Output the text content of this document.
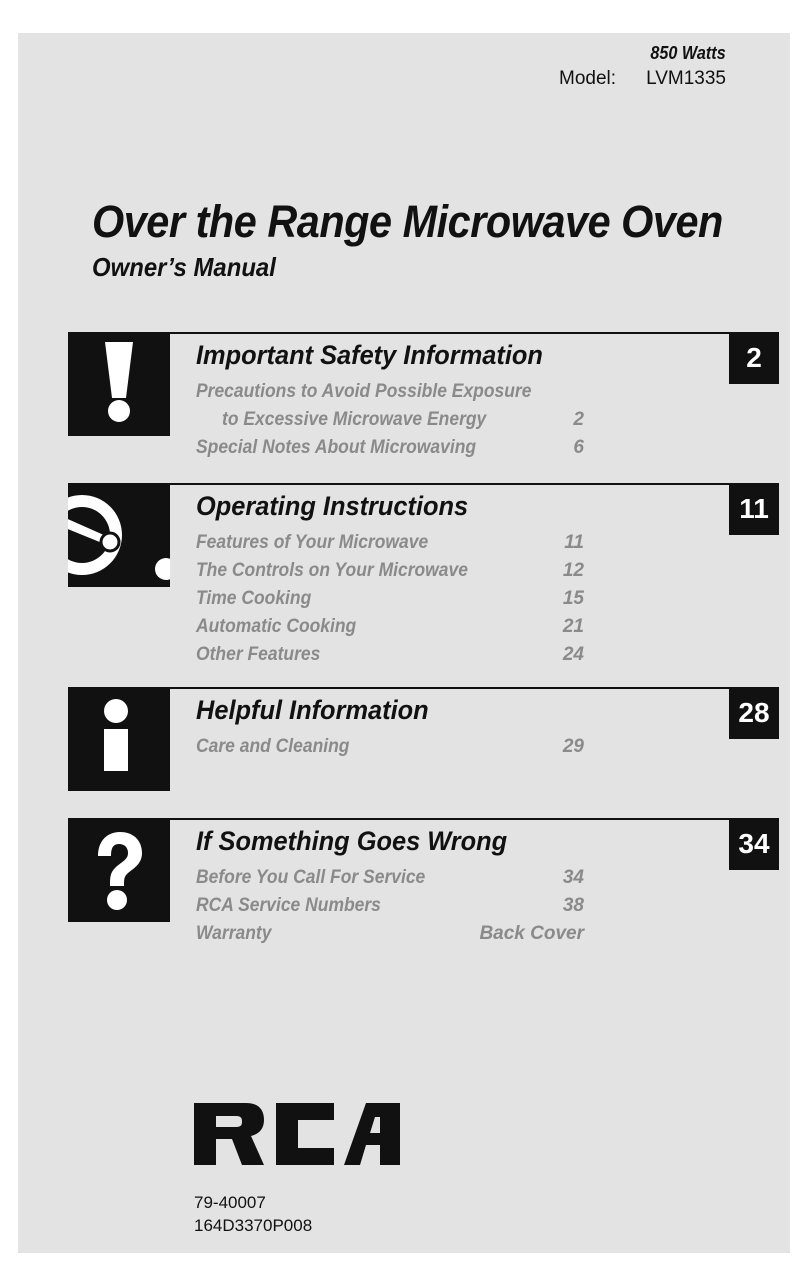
850 Watts
Model: LVM1335
Over the Range Microwave Oven
Owner’s Manual
Important Safety Information	2
Precautions to Avoid Possible Exposure
to Excessive Microwave Energy	2
Special Notes About Microwaving	6
Operating Instructions	11
Features of Your Microwave	11
The Controls on Your Microwave	12
Time Cooking	15
Automatic Cooking	21
Other Features	24
Helpful Information	28
Care and Cleaning	29
If Something Goes Wrong	34
Before You Call For Service	34
RCA Service Numbers	38
Warranty	Back Cover
79-40007
164D3370P008
